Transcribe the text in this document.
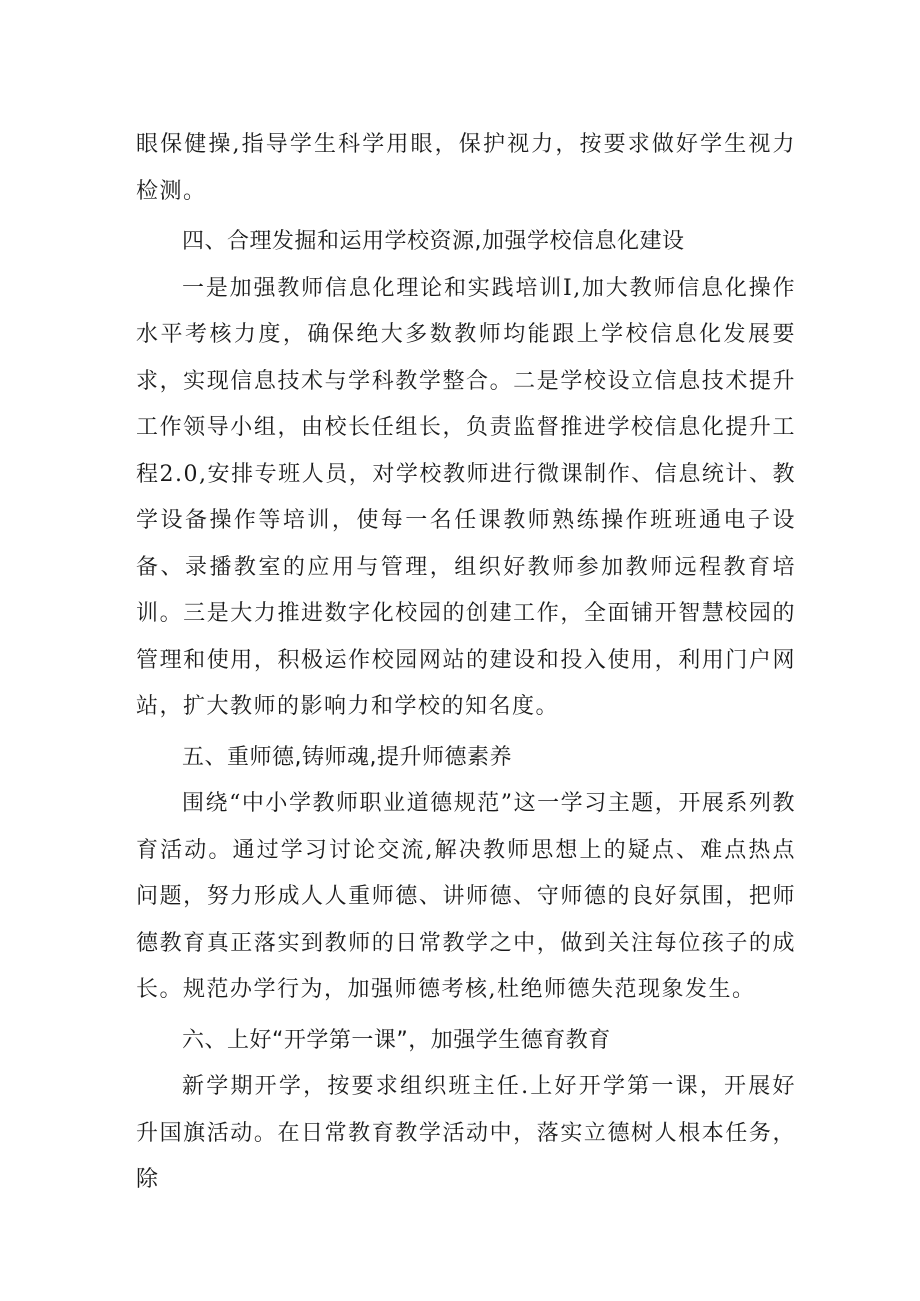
眼保健操,指导学生科学用眼，保护视力，按要求做好学生视力检测。

四、合理发掘和运用学校资源,加强学校信息化建设

一是加强教师信息化理论和实践培训I,加大教师信息化操作水平考核力度，确保绝大多数教师均能跟上学校信息化发展要求，实现信息技术与学科教学整合。二是学校设立信息技术提升工作领导小组，由校长任组长，负责监督推进学校信息化提升工程2.0,安排专班人员，对学校教师进行微课制作、信息统计、教学设备操作等培训，使每一名任课教师熟练操作班班通电子设备、录播教室的应用与管理，组织好教师参加教师远程教育培训。三是大力推进数字化校园的创建工作，全面铺开智慧校园的管理和使用，积极运作校园网站的建设和投入使用，利用门户网站，扩大教师的影响力和学校的知名度。

五、重师德,铸师魂,提升师德素养

围绕“中小学教师职业道德规范”这一学习主题，开展系列教育活动。通过学习讨论交流,解决教师思想上的疑点、难点热点问题，努力形成人人重师德、讲师德、守师德的良好氛围，把师德教育真正落实到教师的日常教学之中，做到关注每位孩子的成长。规范办学行为，加强师德考核,杜绝师德失范现象发生。

六、上好“开学第一课”，加强学生德育教育

新学期开学，按要求组织班主任.上好开学第一课，开展好升国旗活动。在日常教育教学活动中，落实立德树人根本任务，除
